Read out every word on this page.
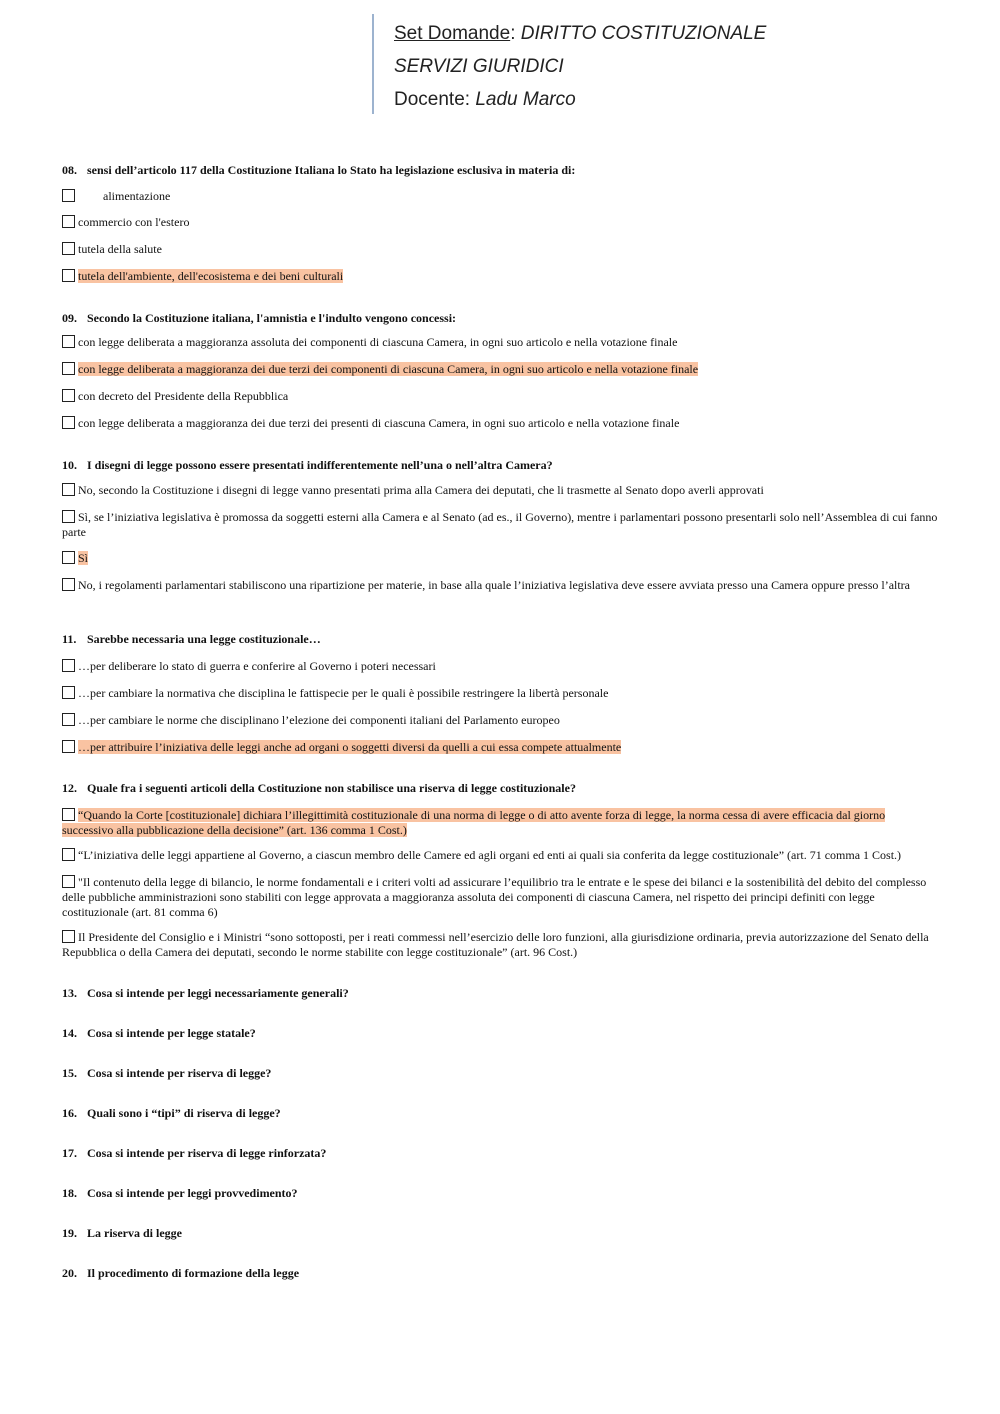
Set Domande: DIRITTO COSTITUZIONALE
SERVIZI GIURIDICI
Docente: Ladu Marco
08. sensi dell’articolo 117 della Costituzione Italiana lo Stato ha legislazione esclusiva in materia di:
alimentazione
commercio con l'estero
tutela della salute
tutela dell'ambiente, dell'ecosistema e dei beni culturali
09. Secondo la Costituzione italiana, l'amnistia e l'indulto vengono concessi:
con legge deliberata a maggioranza assoluta dei componenti di ciascuna Camera, in ogni suo articolo e nella votazione finale
con legge deliberata a maggioranza dei due terzi dei componenti di ciascuna Camera, in ogni suo articolo e nella votazione finale
con decreto del Presidente della Repubblica
con legge deliberata a maggioranza dei due terzi dei presenti di ciascuna Camera, in ogni suo articolo e nella votazione finale
10. I disegni di legge possono essere presentati indifferentemente nell’una o nell’altra Camera?
No, secondo la Costituzione i disegni di legge vanno presentati prima alla Camera dei deputati, che li trasmette al Senato dopo averli approvati
Sì, se l’iniziativa legislativa è promossa da soggetti esterni alla Camera e al Senato (ad es., il Governo), mentre i parlamentari possono presentarli solo nell’Assemblea di cui fanno parte
Sì
No, i regolamenti parlamentari stabiliscono una ripartizione per materie, in base alla quale l’iniziativa legislativa deve essere avviata presso una Camera oppure presso l’altra
11. Sarebbe necessaria una legge costituzionale…
…per deliberare lo stato di guerra e conferire al Governo i poteri necessari
…per cambiare la normativa che disciplina le fattispecie per le quali è possibile restringere la libertà personale
…per cambiare le norme che disciplinano l’elezione dei componenti italiani del Parlamento europeo
…per attribuire l’iniziativa delle leggi anche ad organi o soggetti diversi da quelli a cui essa compete attualmente
12. Quale fra i seguenti articoli della Costituzione non stabilisce una riserva di legge costituzionale?
“Quando la Corte [costituzionale] dichiara l’illegittimità costituzionale di una norma di legge o di atto avente forza di legge, la norma cessa di avere efficacia dal giorno successivo alla pubblicazione della decisione” (art. 136 comma 1 Cost.)
“L’iniziativa delle leggi appartiene al Governo, a ciascun membro delle Camere ed agli organi ed enti ai quali sia conferita da legge costituzionale” (art. 71 comma 1 Cost.)
"Il contenuto della legge di bilancio, le norme fondamentali e i criteri volti ad assicurare l’equilibrio tra le entrate e le spese dei bilanci e la sostenibilità del debito del complesso delle pubbliche amministrazioni sono stabiliti con legge approvata a maggioranza assoluta dei componenti di ciascuna Camera, nel rispetto dei principi definiti con legge costituzionale (art. 81 comma 6)
Il Presidente del Consiglio e i Ministri “sono sottoposti, per i reati commessi nell’esercizio delle loro funzioni, alla giurisdizione ordinaria, previa autorizzazione del Senato della Repubblica o della Camera dei deputati, secondo le norme stabilite con legge costituzionale” (art. 96 Cost.)
13. Cosa si intende per leggi necessariamente generali?
14. Cosa si intende per legge statale?
15. Cosa si intende per riserva di legge?
16. Quali sono i “tipi” di riserva di legge?
17. Cosa si intende per riserva di legge rinforzata?
18. Cosa si intende per leggi provvedimento?
19. La riserva di legge
20. Il procedimento di formazione della legge
